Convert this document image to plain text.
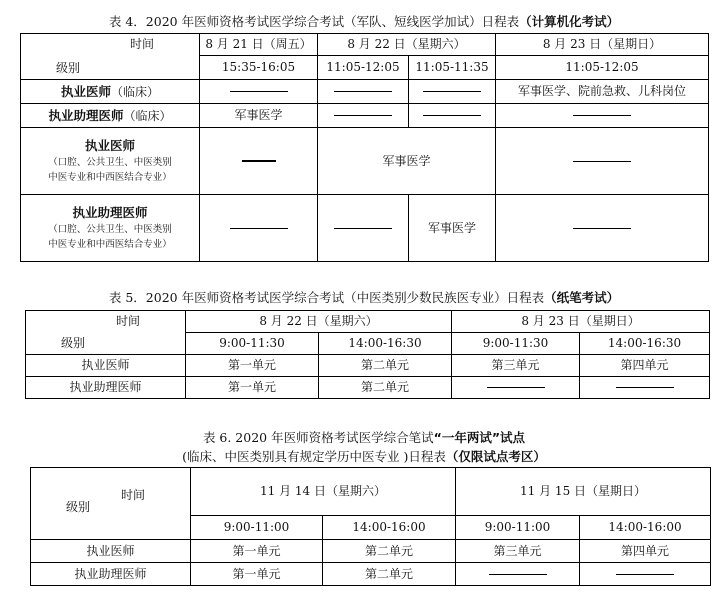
表 4．2020 年医师资格考试医学综合考试（军队、短线医学加试）日程表（计算机化考试）
时间
级别	8 月 21 日（周五）	8 月 22 日（星期六）		8 月 23 日（星期日）
	15:35-16:05	11:05-12:05	11:05-11:35	11:05-12:05
执业医师（临床）				军事医学、院前急救、儿科岗位
执业助理医师（临床）	军事医学			

执业医师
（口腔、公共卫生、中医类别
中医专业和中西医结合专业）		军事医学		

执业助理医师
（口腔、公共卫生、中医类别
中医专业和中西医结合专业）			军事医学	
表 5．2020 年医师资格考试医学综合考试（中医类别少数民族医专业）日程表（纸笔考试）
时间
级别	8 月 22 日（星期六）		8 月 23 日（星期日）	
	9:00-11:30	14:00-16:30	9:00-11:30	14:00-16:30
执业医师	第一单元	第二单元	第三单元	第四单元
执业助理医师	第一单元	第二单元		
表 6. 2020 年医师资格考试医学综合笔试“一年两试”试点
(临床、中医类别具有规定学历中医专业 )日程表（仅限试点考区）
时间
级别	11 月 14 日（星期六）		11 月 15 日（星期日）	
	9:00-11:00	14:00-16:00	9:00-11:00	14:00-16:00
执业医师	第一单元	第二单元	第三单元	第四单元
执业助理医师	第一单元	第二单元		
